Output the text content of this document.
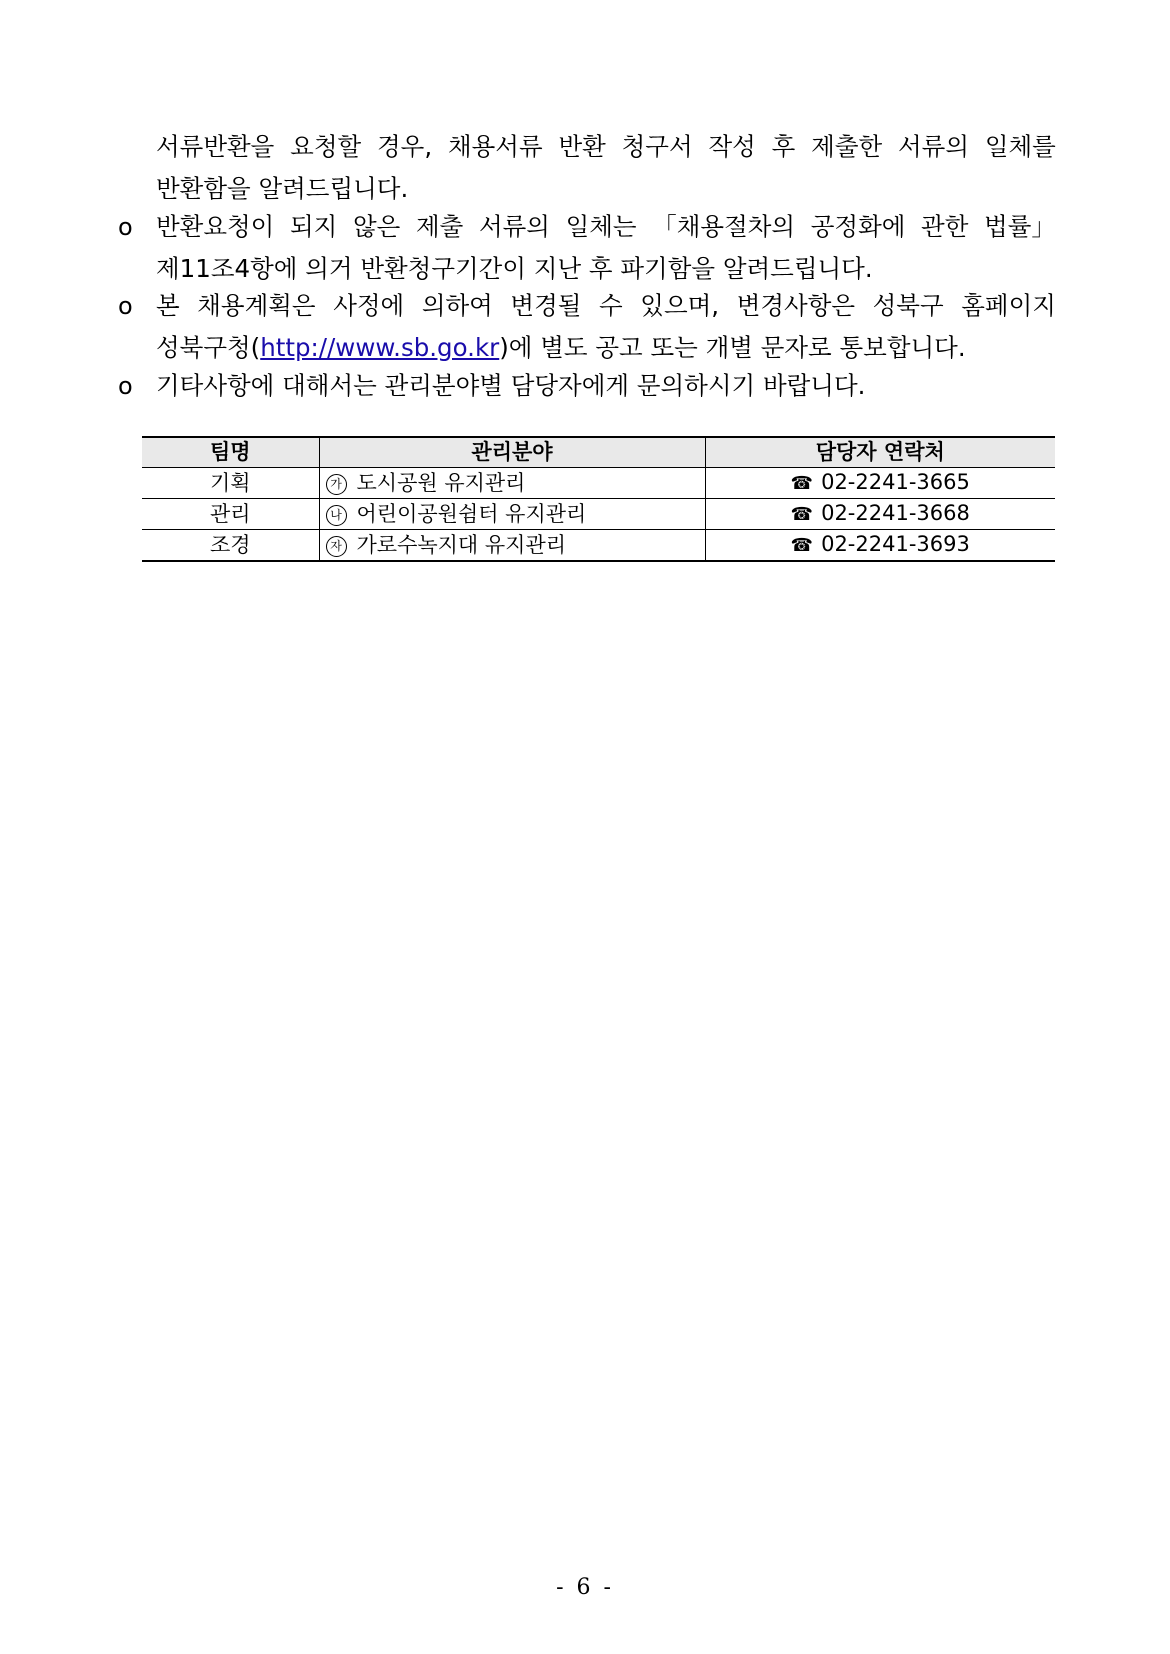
서류반환을 요청할 경우, 채용서류 반환 청구서 작성 후 제출한 서류의 일체를
반환함을 알려드립니다.
o 반환요청이 되지 않은 제출 서류의 일체는 「채용절차의 공정화에 관한 법률」
제11조4항에 의거 반환청구기간이 지난 후 파기함을 알려드립니다.
o 본 채용계획은 사정에 의하여 변경될 수 있으며, 변경사항은 성북구 홈페이지
성북구청( http://www.sb.go.kr )에 별도 공고 또는 개별 문자로 통보합니다.
o 기타사항에 대해서는 관리분야별 담당자에게 문의하시기 바랍니다.
팀명	관리분야	담당자 연락처
기획	가 도시공원 유지관리	☎ 02-2241-3665
관리	나 어린이공원쉼터 유지관리	☎ 02-2241-3668
조경	자 가로수녹지대 유지관리	☎ 02-2241-3693
- 6 -
